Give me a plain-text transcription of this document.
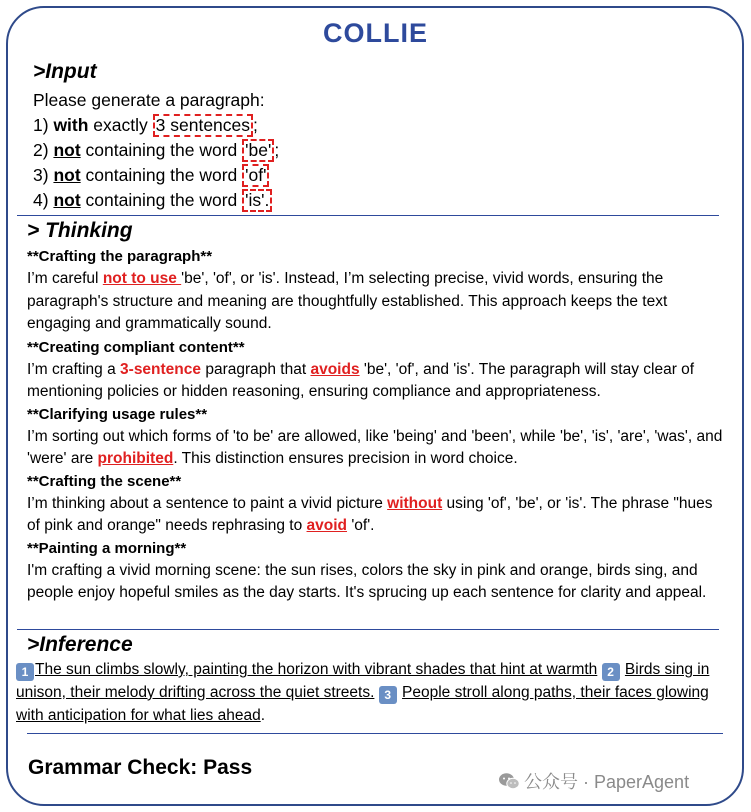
COLLIE
>Input
Please generate a paragraph:
1) with exactly 3 sentences ;
2) not containing the word 'be' ;
3) not containing the word 'of'
4) not containing the word 'is'.
> Thinking
**Crafting the paragraph**
I’m careful not to use 'be', 'of', or 'is'. Instead, I’m selecting precise, vivid words, ensuring the paragraph's structure and meaning are thoughtfully established. This approach keeps the text engaging and grammatically sound.
**Creating compliant content**
I’m crafting a 3-sentence paragraph that avoids 'be', 'of', and 'is'. The paragraph will stay clear of mentioning policies or hidden reasoning, ensuring compliance and appropriateness.
**Clarifying usage rules**
I’m sorting out which forms of 'to be' are allowed, like 'being' and 'been', while 'be', 'is', 'are', 'was', and 'were' are prohibited. This distinction ensures precision in word choice.
**Crafting the scene**
I’m thinking about a sentence to paint a vivid picture without using 'of', 'be', or 'is'. The phrase "hues of pink and orange" needs rephrasing to avoid 'of'.
**Painting a morning**
I'm crafting a vivid morning scene: the sun rises, colors the sky in pink and orange, birds sing, and people enjoy hopeful smiles as the day starts. It's sprucing up each sentence for clarity and appeal.
>Inference
1 The sun climbs slowly, painting the horizon with vibrant shades that hint at warmth 2 Birds sing in unison, their melody drifting across the quiet streets. 3 People stroll along paths, their faces glowing with anticipation for what lies ahead.
Grammar Check: Pass
公众号 · PaperAgent
